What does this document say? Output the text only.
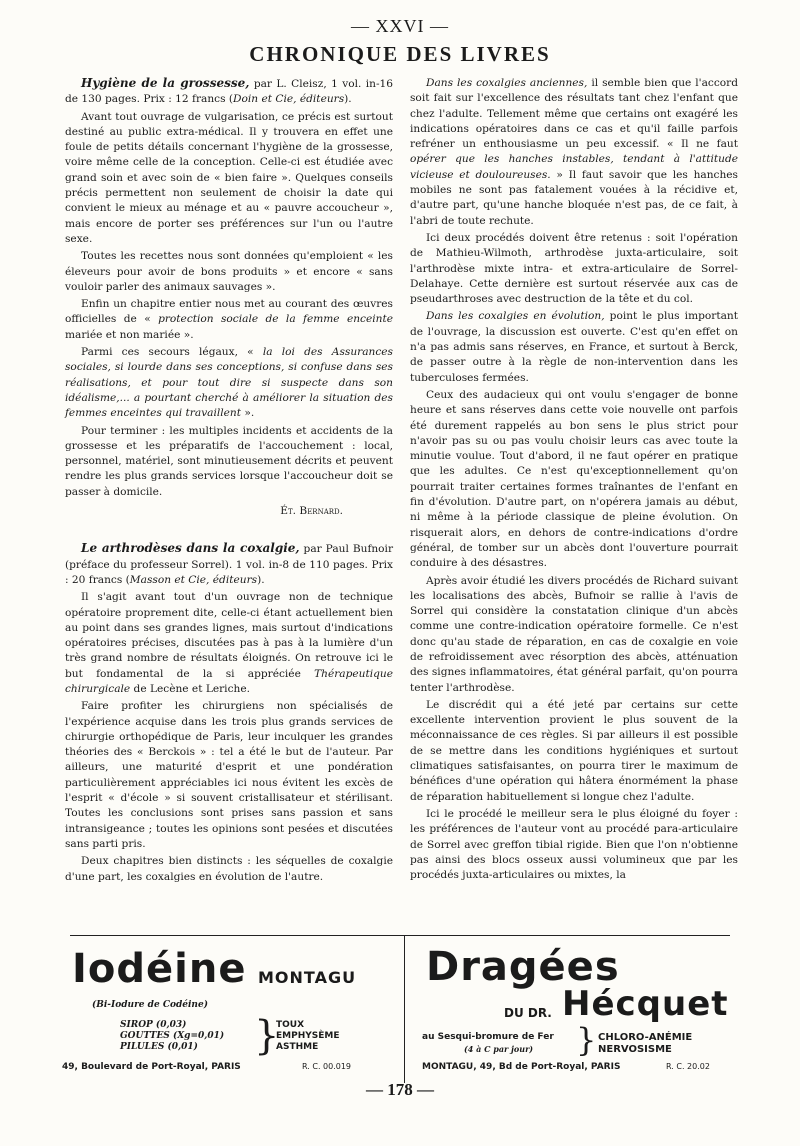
— XXVI —
CHRONIQUE DES LIVRES

Hygiène de la grossesse, par L. Cleisz, 1 vol. in-16 de 130 pages. Prix : 12 francs (Doin et Cie, éditeurs).

Avant tout ouvrage de vulgarisation, ce précis est surtout destiné au public extra-médical. Il y trouvera en effet une foule de petits détails concernant l'hygiène de la grossesse, voire même celle de la conception. Celle-ci est étudiée avec grand soin et avec soin de « bien faire ». Quelques conseils précis permettent non seulement de choisir la date qui convient le mieux au ménage et au « pauvre accoucheur », mais encore de porter ses préférences sur l'un ou l'autre sexe.

Toutes les recettes nous sont données qu'emploient « les éleveurs pour avoir de bons produits » et encore « sans vouloir parler des animaux sauvages ».

Enfin un chapitre entier nous met au courant des œuvres officielles de « protection sociale de la femme enceinte mariée et non mariée ».

Parmi ces secours légaux, « la loi des Assurances sociales, si lourde dans ses conceptions, si confuse dans ses réalisations, et pour tout dire si suspecte dans son idéalisme,... a pourtant cherché à améliorer la situation des femmes enceintes qui travaillent ».

Pour terminer : les multiples incidents et accidents de la grossesse et les préparatifs de l'accouchement : local, personnel, matériel, sont minutieusement décrits et peuvent rendre les plus grands services lorsque l'accoucheur doit se passer à domicile.

Ét. Bernard.

Le arthrodèses dans la coxalgie, par Paul Bufnoir (préface du professeur Sorrel). 1 vol. in-8 de 110 pages. Prix : 20 francs (Masson et Cie, éditeurs).

Il s'agit avant tout d'un ouvrage non de technique opératoire proprement dite, celle-ci étant actuellement bien au point dans ses grandes lignes, mais surtout d'indications opératoires précises, discutées pas à pas à la lumière d'un très grand nombre de résultats éloignés. On retrouve ici le but fondamental de la si appréciée Thérapeutique chirurgicale de Lecène et Leriche.

Faire profiter les chirurgiens non spécialisés de l'expérience acquise dans les trois plus grands services de chirurgie orthopédique de Paris, leur inculquer les grandes théories des « Berckois » : tel a été le but de l'auteur. Par ailleurs, une maturité d'esprit et une pondération particulièrement appréciables ici nous évitent les excès de l'esprit « d'école » si souvent cristallisateur et stérilisant. Toutes les conclusions sont prises sans passion et sans intransigeance ; toutes les opinions sont pesées et discutées sans parti pris.

Deux chapitres bien distincts : les séquelles de coxalgie d'une part, les coxalgies en évolution de l'autre.

Dans les coxalgies anciennes, il semble bien que l'accord soit fait sur l'excellence des résultats tant chez l'enfant que chez l'adulte. Tellement même que certains ont exagéré les indications opératoires dans ce cas et qu'il faille parfois refréner un enthousiasme un peu excessif. « Il ne faut opérer que les hanches instables, tendant à l'attitude vicieuse et douloureuses. » Il faut savoir que les hanches mobiles ne sont pas fatalement vouées à la récidive et, d'autre part, qu'une hanche bloquée n'est pas, de ce fait, à l'abri de toute rechute.

Ici deux procédés doivent être retenus : soit l'opération de Mathieu-Wilmoth, arthrodèse juxta-articulaire, soit l'arthrodèse mixte intra- et extra-articulaire de Sorrel-Delahaye. Cette dernière est surtout réservée aux cas de pseudarthroses avec destruction de la tête et du col.

Dans les coxalgies en évolution, point le plus important de l'ouvrage, la discussion est ouverte. C'est qu'en effet on n'a pas admis sans réserves, en France, et surtout à Berck, de passer outre à la règle de non-intervention dans les tuberculoses fermées.

Ceux des audacieux qui ont voulu s'engager de bonne heure et sans réserves dans cette voie nouvelle ont parfois été durement rappelés au bon sens le plus strict pour n'avoir pas su ou pas voulu choisir leurs cas avec toute la minutie voulue. Tout d'abord, il ne faut opérer en pratique que les adultes. Ce n'est qu'exceptionnellement qu'on pourrait traiter certaines formes traînantes de l'enfant en fin d'évolution. D'autre part, on n'opérera jamais au début, ni même à la période classique de pleine évolution. On risquerait alors, en dehors de contre-indications d'ordre général, de tomber sur un abcès dont l'ouverture pourrait conduire à des désastres.

Après avoir étudié les divers procédés de Richard suivant les localisations des abcès, Bufnoir se rallie à l'avis de Sorrel qui considère la constatation clinique d'un abcès comme une contre-indication opératoire formelle. Ce n'est donc qu'au stade de réparation, en cas de coxalgie en voie de refroidissement avec résorption des abcès, atténuation des signes inflammatoires, état général parfait, qu'on pourra tenter l'arthrodèse.

Le discrédit qui a été jeté par certains sur cette excellente intervention provient le plus souvent de la méconnaissance de ces règles. Si par ailleurs il est possible de se mettre dans les conditions hygiéniques et surtout climatiques satisfaisantes, on pourra tirer le maximum de bénéfices d'une opération qui hâtera énormément la phase de réparation habituellement si longue chez l'adulte.

Ici le procédé le meilleur sera le plus éloigné du foyer : les préférences de l'auteur vont au procédé para-articulaire de Sorrel avec greffon tibial rigide. Bien que l'on n'obtienne pas ainsi des blocs osseux aussi volumineux que par les procédés juxta-articulaires ou mixtes, la

Iodéine MONTAGU
(Bi-Iodure de Codéine)
SIROP (0,03)
GOUTTES (Xg=0,01)
PILULES (0,01) }
TOUX
EMPHYSÈME
ASTHME
49, Boulevard de Port-Royal, PARIS	R. C. 00.019
Dragées
DU DR. Hécquet
au Sesqui-bromure de Fer
(4 à C par jour) } CHLORO-ANÉMIE
NERVOSISME
MONTAGU, 49, Bd de Port-Royal, PARIS	R. C. 20.02
— 178 —
